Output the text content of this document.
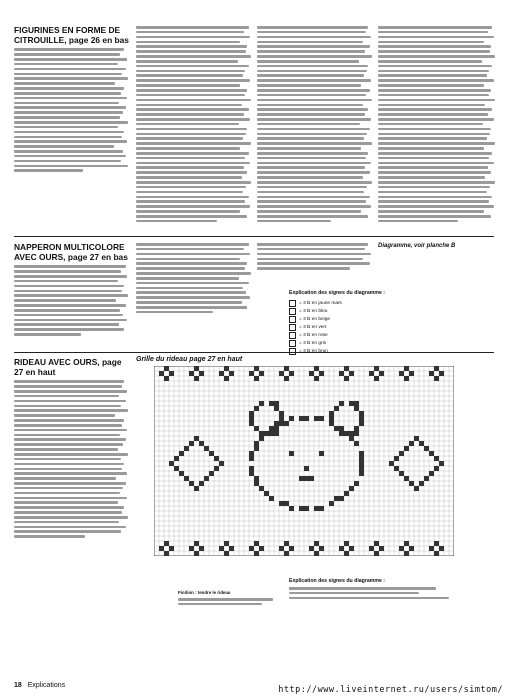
FIGURINES EN FORME DE CITROUILLE, page 26 en bas
NAPPERON MULTICOLORE AVEC OURS, page 27 en bas
RIDEAU AVEC OURS, page 27 en haut
Diagramme, voir planche B
Explication des signes du diagramme :
= 3 B en jaune maïs
= 3 B en bleu
= 3 B en beige
= 3 B en vert
= 3 B en rose
= 3 B en gris
= 3 B en brun
Grille du rideau page 27 en haut
Explication des signes du diagramme :
Finition : tendre le rideau
18 Explications	http://www.liveinternet.ru/users/simtom/
